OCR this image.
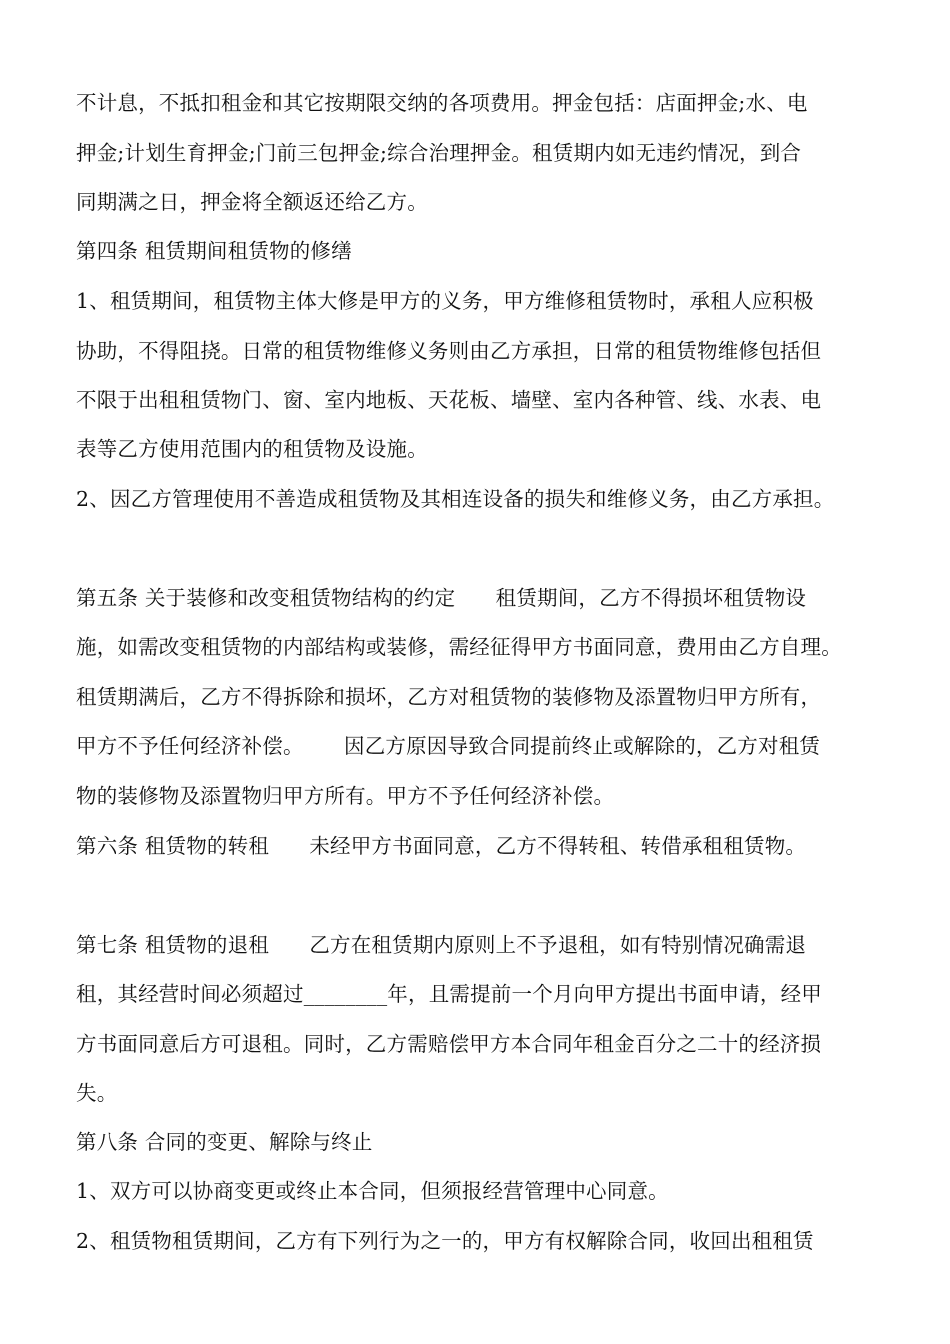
不计息，不抵扣租金和其它按期限交纳的各项费用。押金包括：店面押金;水、电
押金;计划生育押金;门前三包押金;综合治理押金。租赁期内如无违约情况，到合
同期满之日，押金将全额返还给乙方。
第四条 租赁期间租赁物的修缮
1、租赁期间，租赁物主体大修是甲方的义务，甲方维修租赁物时，承租人应积极
协助，不得阻挠。日常的租赁物维修义务则由乙方承担，日常的租赁物维修包括但
不限于出租租赁物门、窗、室内地板、天花板、墙壁、室内各种管、线、水表、电
表等乙方使用范围内的租赁物及设施。
2、因乙方管理使用不善造成租赁物及其相连设备的损失和维修义务，由乙方承担。
第五条 关于装修和改变租赁物结构的约定      租赁期间，乙方不得损坏租赁物设
施，如需改变租赁物的内部结构或装修，需经征得甲方书面同意，费用由乙方自理。
租赁期满后，乙方不得拆除和损坏，乙方对租赁物的装修物及添置物归甲方所有，
甲方不予任何经济补偿。      因乙方原因导致合同提前终止或解除的，乙方对租赁
物的装修物及添置物归甲方所有。甲方不予任何经济补偿。
第六条 租赁物的转租      未经甲方书面同意，乙方不得转租、转借承租租赁物。
第七条 租赁物的退租      乙方在租赁期内原则上不予退租，如有特别情况确需退
租，其经营时间必须超过________年，且需提前一个月向甲方提出书面申请，经甲
方书面同意后方可退租。同时，乙方需赔偿甲方本合同年租金百分之二十的经济损
失。
第八条 合同的变更、解除与终止
1、双方可以协商变更或终止本合同，但须报经营管理中心同意。
2、租赁物租赁期间，乙方有下列行为之一的，甲方有权解除合同，收回出租租赁
